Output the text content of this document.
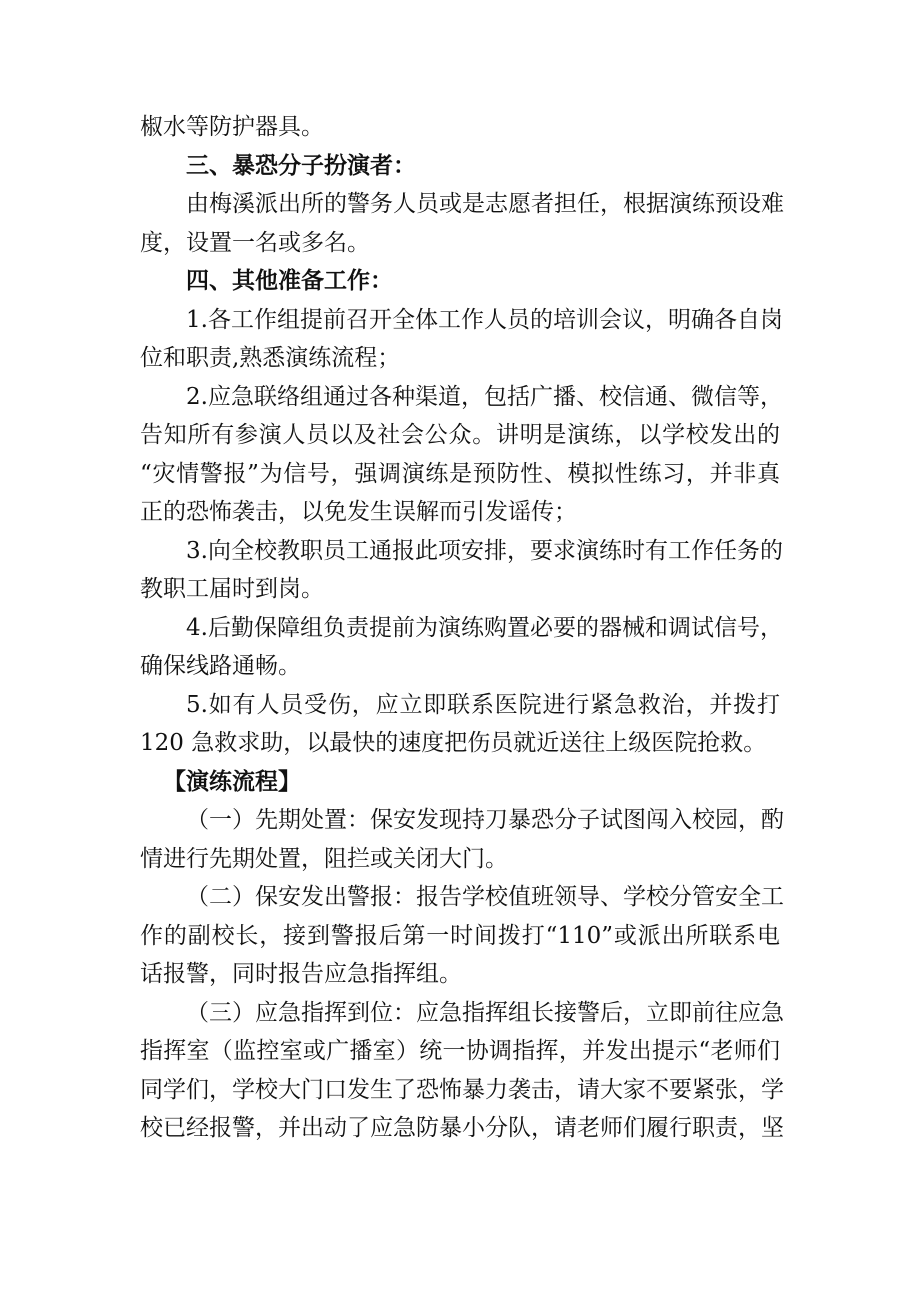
椒水等防护器具。
三、暴恐分子扮演者：
由梅溪派出所的警务人员或是志愿者担任，根据演练预设难
度，设置一名或多名。
四、其他准备工作：
1.各工作组提前召开全体工作人员的培训会议，明确各自岗
位和职责,熟悉演练流程；
2.应急联络组通过各种渠道，包括广播、校信通、微信等，
告知所有参演人员以及社会公众。讲明是演练，以学校发出的
“灾情警报”为信号，强调演练是预防性、模拟性练习，并非真
正的恐怖袭击，以免发生误解而引发谣传；
3.向全校教职员工通报此项安排，要求演练时有工作任务的
教职工届时到岗。
4.后勤保障组负责提前为演练购置必要的器械和调试信号，
确保线路通畅。
5.如有人员受伤，应立即联系医院进行紧急救治，并拨打
120 急救求助，以最快的速度把伤员就近送往上级医院抢救。
【演练流程】
（一）先期处置：保安发现持刀暴恐分子试图闯入校园，酌
情进行先期处置，阻拦或关闭大门。
（二）保安发出警报：报告学校值班领导、学校分管安全工
作的副校长，接到警报后第一时间拨打“110”或派出所联系电
话报警，同时报告应急指挥组。
（三）应急指挥到位：应急指挥组长接警后，立即前往应急
指挥室（监控室或广播室）统一协调指挥，并发出提示“老师们
同学们，学校大门口发生了恐怖暴力袭击，请大家不要紧张，学
校已经报警，并出动了应急防暴小分队，请老师们履行职责，坚
